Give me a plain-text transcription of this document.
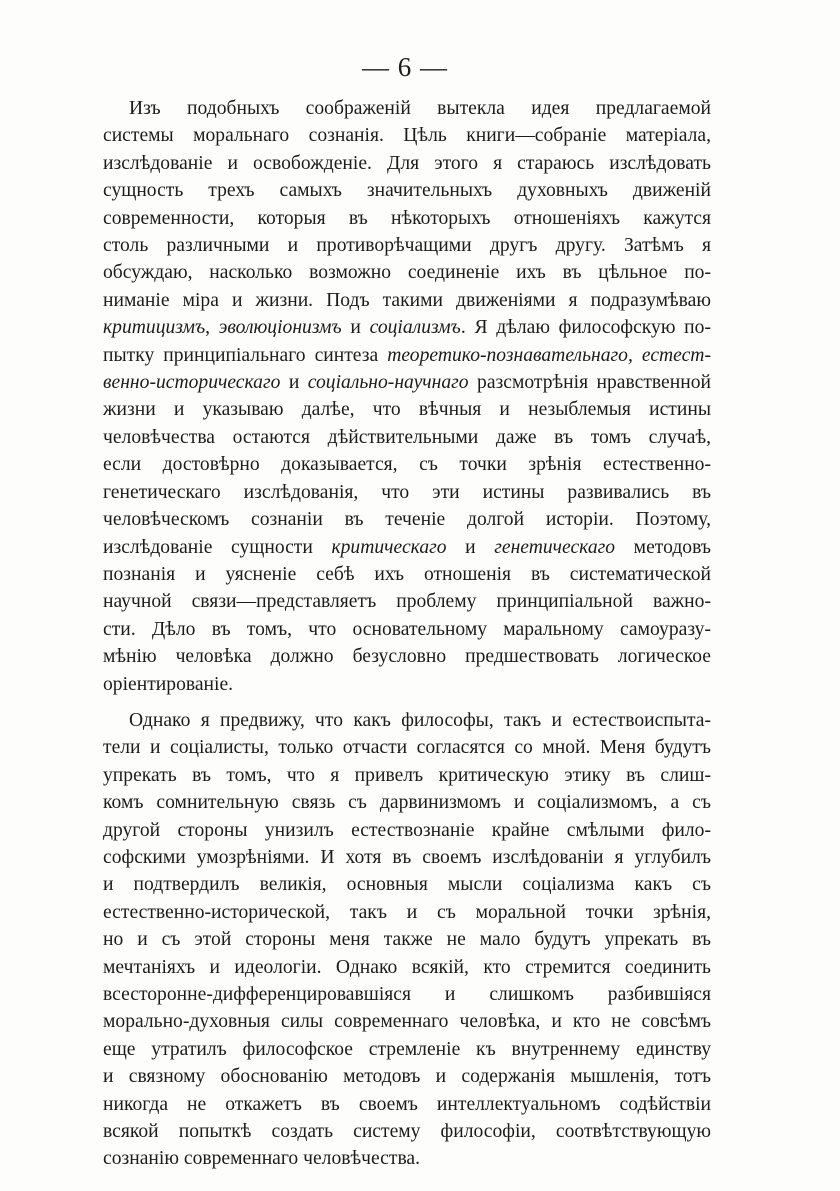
— 6 —
Изъ подобныхъ соображеній вытекла идея предлагаемой
системы моральнаго сознанія. Цѣль книги—собраніе матеріала,
изслѣдованіе и освобожденіе. Для этого я стараюсь изслѣдовать
сущность трехъ самыхъ значительныхъ духовныхъ движеній
современности, которыя въ нѣкоторыхъ отношеніяхъ кажутся
столь различными и противорѣчащими другъ другу. Затѣмъ я
обсуждаю, насколько возможно соединеніе ихъ въ цѣльное по-
ниманіе міра и жизни. Подъ такими движеніями я подразумѣваю
критицизмъ, эволюціонизмъ и соціализмъ. Я дѣлаю философскую по-
пытку принципіальнаго синтеза теоретико-познавательнаго, естест-
венно-историческаго и соціально-научнаго разсмотрѣнія нравственной
жизни и указываю далѣе, что вѣчныя и незыблемыя истины
человѣчества остаются дѣйствительными даже въ томъ случаѣ,
если достовѣрно доказывается, съ точки зрѣнія естественно-
генетическаго изслѣдованія, что эти истины развивались въ
человѣческомъ сознаніи въ теченіе долгой исторіи. Поэтому,
изслѣдованіе сущности критическаго и генетическаго методовъ
познанія и уясненіе себѣ ихъ отношенія въ систематической
научной связи—представляетъ проблему принципіальной важно-
сти. Дѣло въ томъ, что основательному маральному самоуразу-
мѣнію человѣка должно безусловно предшествовать логическое
оріентированіе.
Однако я предвижу, что какъ философы, такъ и естествоиспыта-
тели и соціалисты, только отчасти согласятся со мной. Меня будутъ
упрекать въ томъ, что я привелъ критическую этику въ слиш-
комъ сомнительную связь съ дарвинизмомъ и соціализмомъ, а съ
другой стороны унизилъ естествознаніе крайне смѣлыми фило-
софскими умозрѣніями. И хотя въ своемъ изслѣдованіи я углубилъ
и подтвердилъ великія, основныя мысли соціализма какъ съ
естественно-исторической, такъ и съ моральной точки зрѣнія,
но и съ этой стороны меня также не мало будутъ упрекать въ
мечтаніяхъ и идеологіи. Однако всякій, кто стремится соединить
всесторонне-дифференцировавшіяся и слишкомъ разбившіяся
морально-духовныя силы современнаго человѣка, и кто не совсѣмъ
еще утратилъ философское стремленіе къ внутреннему единству
и связному обоснованію методовъ и содержанія мышленія, тотъ
никогда не откажетъ въ своемъ интеллектуальномъ содѣйствіи
всякой попыткѣ создать систему философіи, соотвѣтствующую
сознанію современнаго человѣчества.
